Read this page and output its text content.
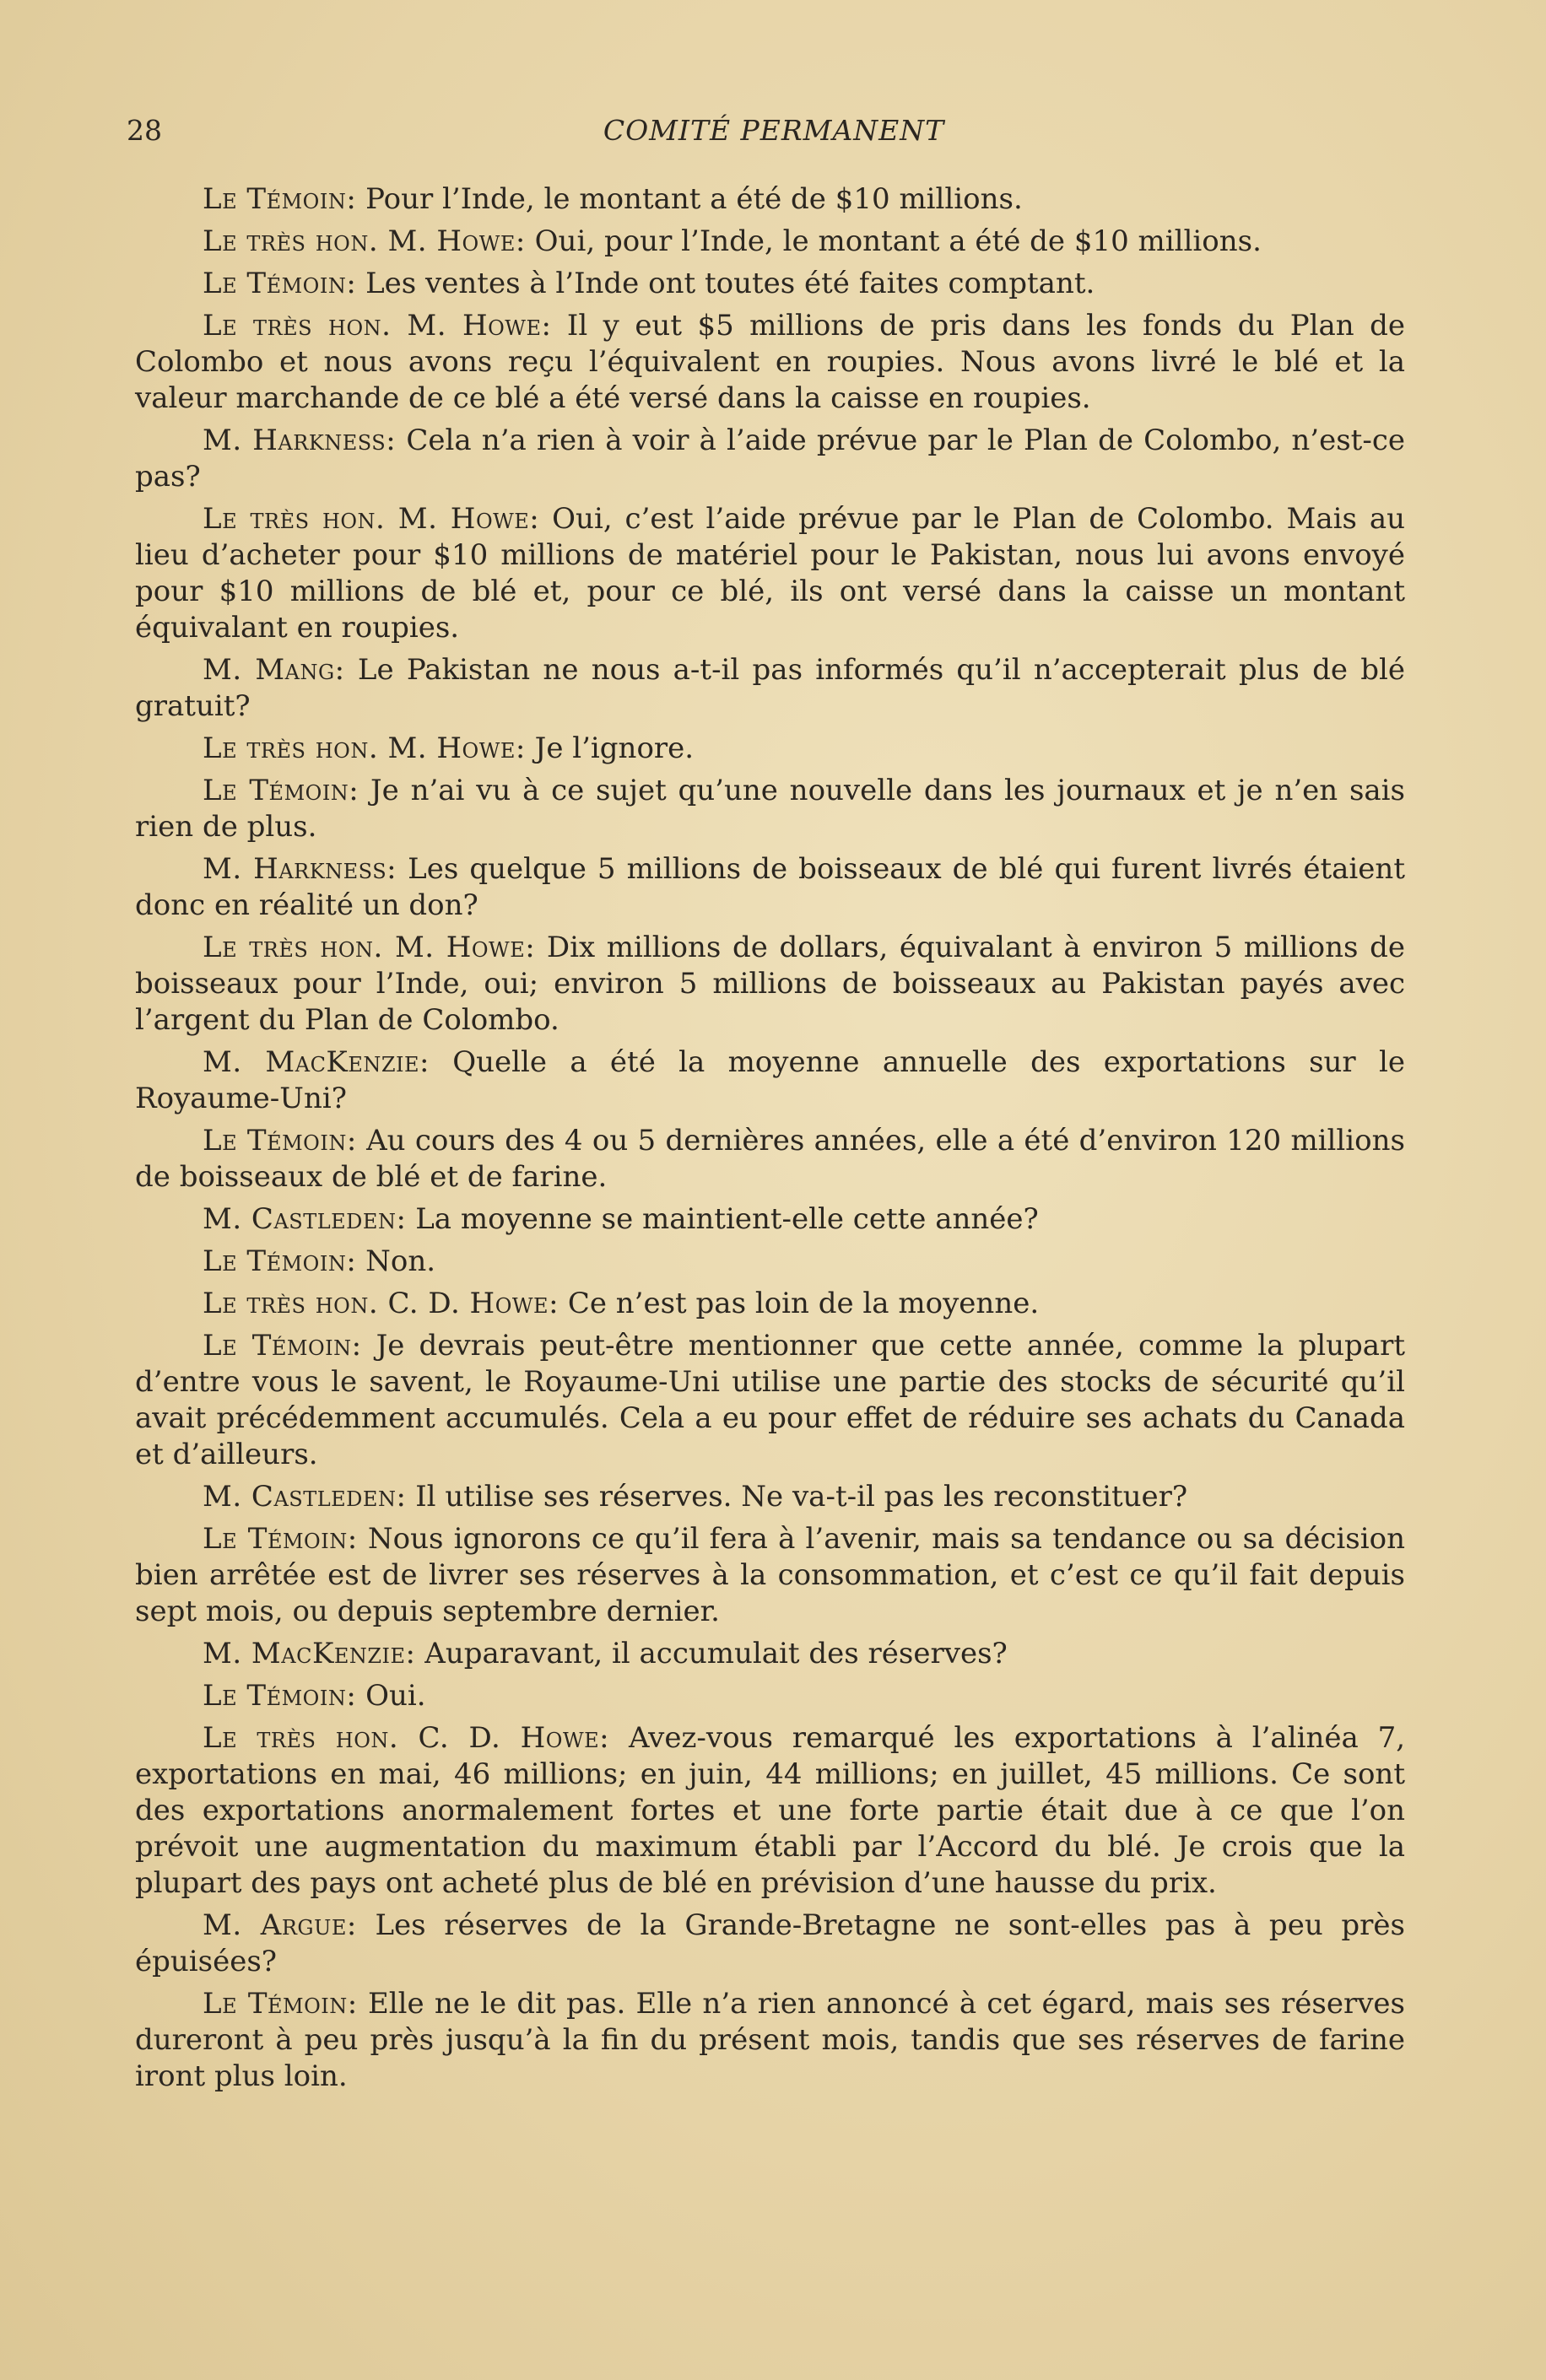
28	COMITÉ PERMANENT

Le Témoin: Pour l’Inde, le montant a été de $10 millions.

Le très hon. M. Howe: Oui, pour l’Inde, le montant a été de $10 millions.

Le Témoin: Les ventes à l’Inde ont toutes été faites comptant.

Le très hon. M. Howe: Il y eut $5 millions de pris dans les fonds du Plan de Colombo et nous avons reçu l’équivalent en roupies. Nous avons livré le blé et la valeur marchande de ce blé a été versé dans la caisse en roupies.

M. Harkness: Cela n’a rien à voir à l’aide prévue par le Plan de Colombo, n’est-ce pas?

Le très hon. M. Howe: Oui, c’est l’aide prévue par le Plan de Colombo. Mais au lieu d’acheter pour $10 millions de matériel pour le Pakistan, nous lui avons envoyé pour $10 millions de blé et, pour ce blé, ils ont versé dans la caisse un montant équivalant en roupies.

M. Mang: Le Pakistan ne nous a-t-il pas informés qu’il n’accepterait plus de blé gratuit?

Le très hon. M. Howe: Je l’ignore.

Le Témoin: Je n’ai vu à ce sujet qu’une nouvelle dans les journaux et je n’en sais rien de plus.

M. Harkness: Les quelque 5 millions de boisseaux de blé qui furent livrés étaient donc en réalité un don?

Le très hon. M. Howe: Dix millions de dollars, équivalant à environ 5 millions de boisseaux pour l’Inde, oui; environ 5 millions de boisseaux au Pakistan payés avec l’argent du Plan de Colombo.

M. MacKenzie: Quelle a été la moyenne annuelle des exportations sur le Royaume-Uni?

Le Témoin: Au cours des 4 ou 5 dernières années, elle a été d’environ 120 millions de boisseaux de blé et de farine.

M. Castleden: La moyenne se maintient-elle cette année?

Le Témoin: Non.

Le très hon. C. D. Howe: Ce n’est pas loin de la moyenne.

Le Témoin: Je devrais peut-être mentionner que cette année, comme la plupart d’entre vous le savent, le Royaume-Uni utilise une partie des stocks de sécurité qu’il avait précédemment accumulés. Cela a eu pour effet de réduire ses achats du Canada et d’ailleurs.

M. Castleden: Il utilise ses réserves. Ne va-t-il pas les reconstituer?

Le Témoin: Nous ignorons ce qu’il fera à l’avenir, mais sa tendance ou sa décision bien arrêtée est de livrer ses réserves à la consommation, et c’est ce qu’il fait depuis sept mois, ou depuis septembre dernier.

M. MacKenzie: Auparavant, il accumulait des réserves?

Le Témoin: Oui.

Le très hon. C. D. Howe: Avez-vous remarqué les exportations à l’alinéa 7, exportations en mai, 46 millions; en juin, 44 millions; en juillet, 45 millions. Ce sont des exportations anormalement fortes et une forte partie était due à ce que l’on prévoit une augmentation du maximum établi par l’Accord du blé. Je crois que la plupart des pays ont acheté plus de blé en prévision d’une hausse du prix.

M. Argue: Les réserves de la Grande-Bretagne ne sont-elles pas à peu près épuisées?

Le Témoin: Elle ne le dit pas. Elle n’a rien annoncé à cet égard, mais ses réserves dureront à peu près jusqu’à la fin du présent mois, tandis que ses réserves de farine iront plus loin.
